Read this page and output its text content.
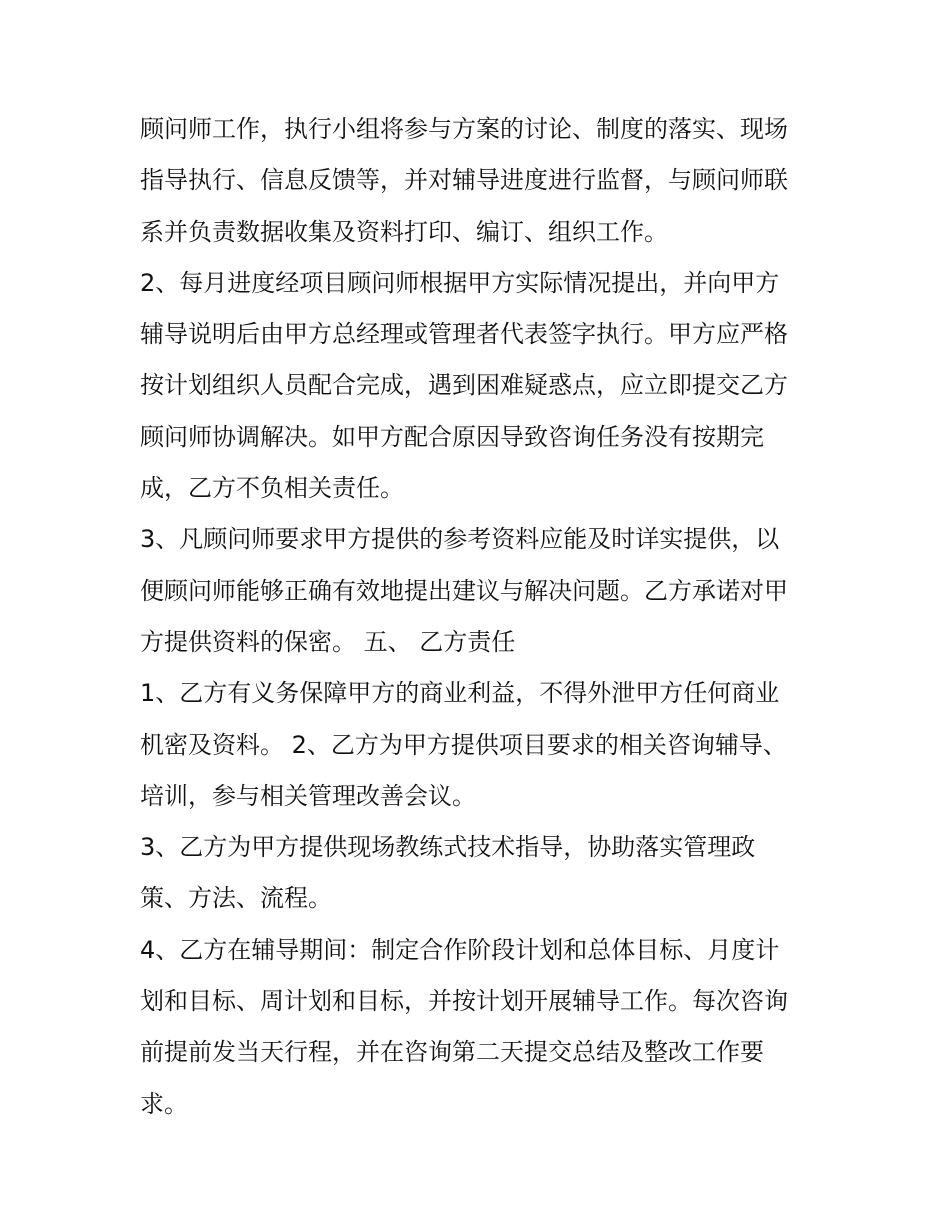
顾问师工作，执行小组将参与方案的讨论、制度的落实、现场
指导执行、信息反馈等，并对辅导进度进行监督，与顾问师联
系并负责数据收集及资料打印、编订、组织工作。
2、每月进度经项目顾问师根据甲方实际情况提出，并向甲方
辅导说明后由甲方总经理或管理者代表签字执行。甲方应严格
按计划组织人员配合完成，遇到困难疑惑点，应立即提交乙方
顾问师协调解决。如甲方配合原因导致咨询任务没有按期完
成，乙方不负相关责任。
3、凡顾问师要求甲方提供的参考资料应能及时详实提供，以
便顾问师能够正确有效地提出建议与解决问题。乙方承诺对甲
方提供资料的保密。 五、 乙方责任
1、乙方有义务保障甲方的商业利益，不得外泄甲方任何商业
机密及资料。 2、乙方为甲方提供项目要求的相关咨询辅导、
培训，参与相关管理改善会议。
3、乙方为甲方提供现场教练式技术指导，协助落实管理政
策、方法、流程。
4、乙方在辅导期间：制定合作阶段计划和总体目标、月度计
划和目标、周计划和目标，并按计划开展辅导工作。每次咨询
前提前发当天行程，并在咨询第二天提交总结及整改工作要
求。
